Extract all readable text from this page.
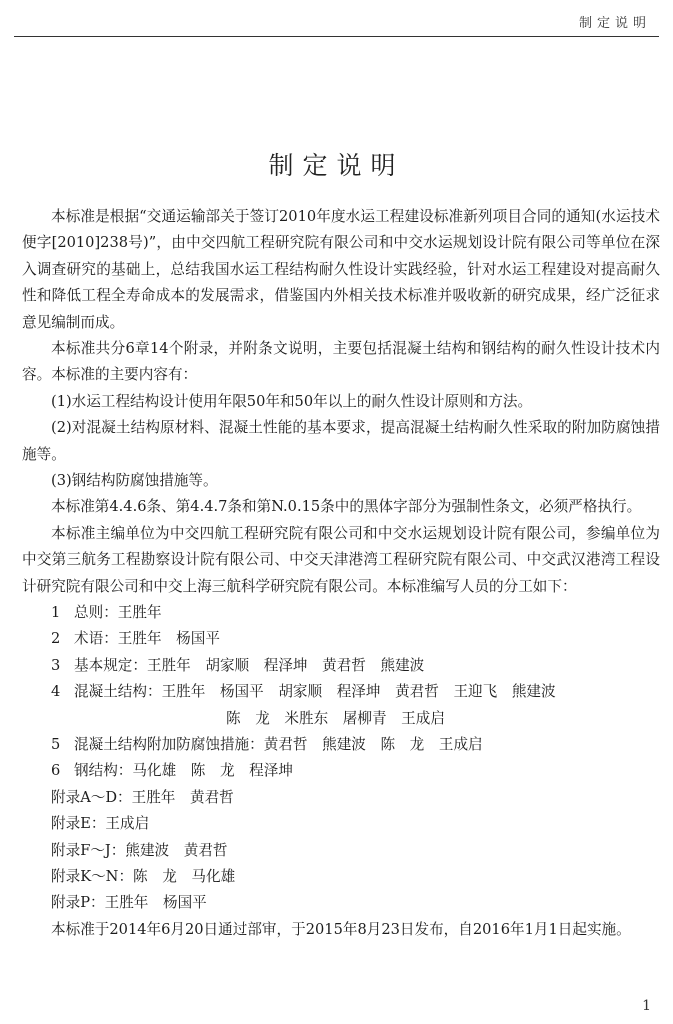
制定说明
制定说明

本标准是根据“交通运输部关于签订2010年度水运工程建设标准新列项目合同的通知(水运技术便字[2010]238号)”，由中交四航工程研究院有限公司和中交水运规划设计院有限公司等单位在深入调查研究的基础上，总结我国水运工程结构耐久性设计实践经验，针对水运工程建设对提高耐久性和降低工程全寿命成本的发展需求，借鉴国内外相关技术标准并吸收新的研究成果，经广泛征求意见编制而成。

本标准共分6章14个附录，并附条文说明，主要包括混凝土结构和钢结构的耐久性设计技术内容。本标准的主要内容有：

(1)水运工程结构设计使用年限50年和50年以上的耐久性设计原则和方法。

(2)对混凝土结构原材料、混凝土性能的基本要求，提高混凝土结构耐久性采取的附加防腐蚀措施等。

(3)钢结构防腐蚀措施等。

本标准第4.4.6条、第4.4.7条和第N.0.15条中的黑体字部分为强制性条文，必须严格执行。

本标准主编单位为中交四航工程研究院有限公司和中交水运规划设计院有限公司，参编单位为中交第三航务工程勘察设计院有限公司、中交天津港湾工程研究院有限公司、中交武汉港湾工程设计研究院有限公司和中交上海三航科学研究院有限公司。本标准编写人员的分工如下：

1 总则：王胜年
2 术语：王胜年　杨国平
3 基本规定：王胜年　胡家顺　程泽坤　黄君哲　熊建波
4 混凝土结构：王胜年　杨国平　胡家顺　程泽坤　黄君哲　王迎飞　熊建波
陈　龙　米胜东　屠柳青　王成启
5 混凝土结构附加防腐蚀措施：黄君哲　熊建波　陈　龙　王成启
6 钢结构：马化雄　陈　龙　程泽坤
附录A～D：王胜年　黄君哲
附录E：王成启
附录F～J：熊建波　黄君哲
附录K～N：陈　龙　马化雄
附录P：王胜年　杨国平

本标准于2014年6月20日通过部审，于2015年8月23日发布，自2016年1月1日起实施。

1
